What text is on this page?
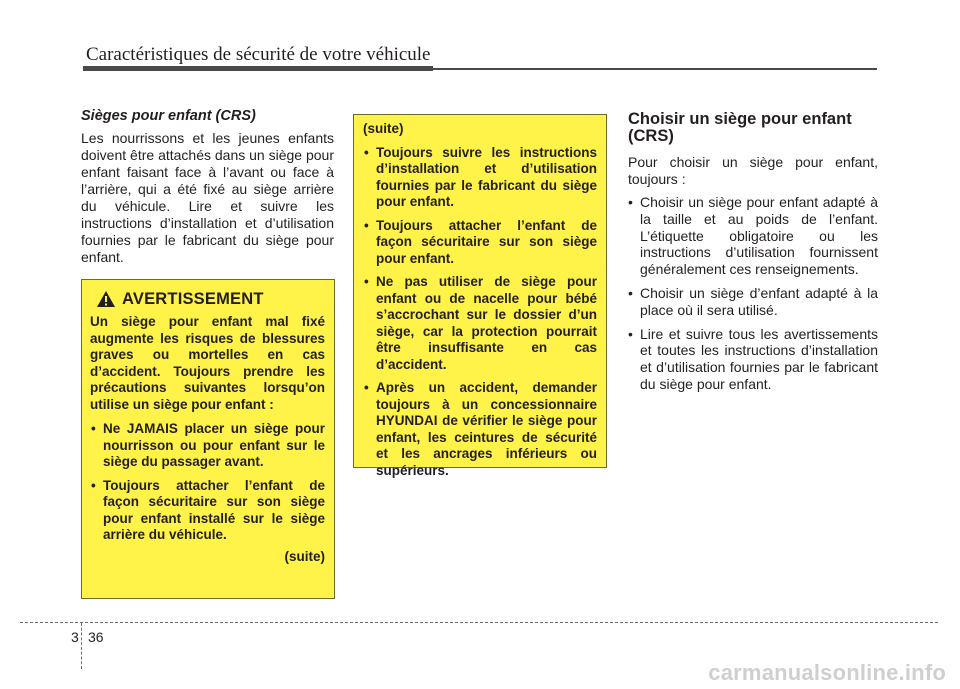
Caractéristiques de sécurité de votre véhicule

Sièges pour enfant (CRS)

Les nourrissons et les jeunes enfants doivent être attachés dans un siège pour enfant faisant face à l’avant ou face à l’arrière, qui a été fixé au siège arrière du véhicule. Lire et suivre les instructions d’installation et d’utilisation fournies par le fabricant du siège pour enfant.

AVERTISSEMENT

Un siège pour enfant mal fixé augmente les risques de blessures graves ou mortelles en cas d’accident. Toujours prendre les précautions suivantes lorsqu’on utilise un siège pour enfant :

• Ne JAMAIS placer un siège pour nourrisson ou pour enfant sur le siège du passager avant.
• Toujours attacher l’enfant de façon sécuritaire sur son siège pour enfant installé sur le siège arrière du véhicule.
(suite)

(suite)

• Toujours suivre les instructions d’installation et d’utilisation fournies par le fabricant du siège pour enfant.
• Toujours attacher l’enfant de façon sécuritaire sur son siège pour enfant.
• Ne pas utiliser de siège pour enfant ou de nacelle pour bébé s’accrochant sur le dossier d’un siège, car la protection pourrait être insuffisante en cas d’accident.
• Après un accident, demander toujours à un concessionnaire HYUNDAI de vérifier le siège pour enfant, les ceintures de sécurité et les ancrages inférieurs ou supérieurs.

Choisir un siège pour enfant (CRS)

Pour choisir un siège pour enfant, toujours :

• Choisir un siège pour enfant adapté à la taille et au poids de l’enfant. L’étiquette obligatoire ou les instructions d’utilisation fournissent généralement ces renseignements.
• Choisir un siège d’enfant adapté à la place où il sera utilisé.
• Lire et suivre tous les avertissements et toutes les instructions d’installation et d’utilisation fournies par le fabricant du siège pour enfant.
3 36
carmanualsonline.info
